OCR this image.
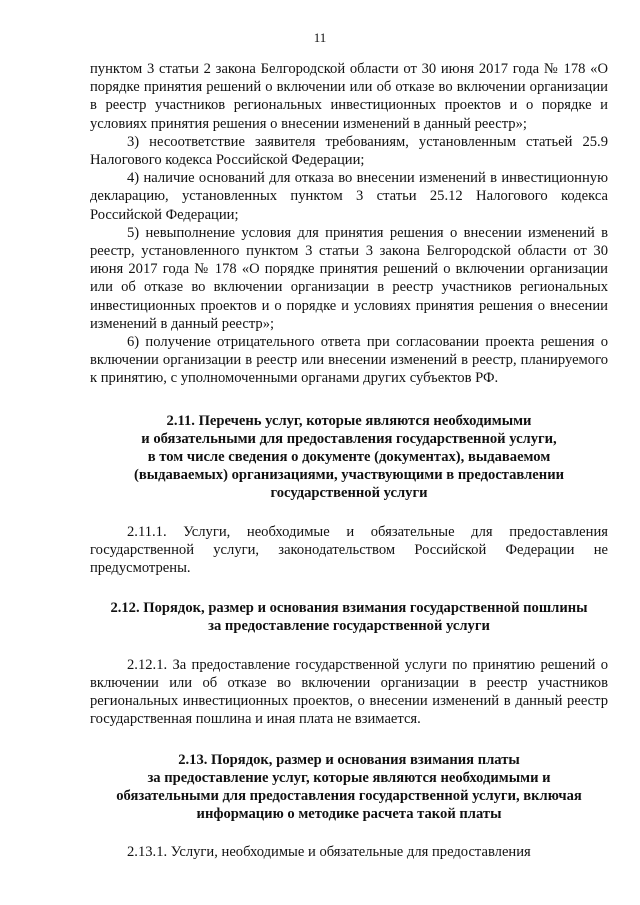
11

пунктом 3 статьи 2 закона Белгородской области от 30 июня 2017 года № 178 «О порядке принятия решений о включении или об отказе во включении организации в реестр участников региональных инвестиционных проектов и о порядке и условиях принятия решения о внесении изменений в данный реестр»;

3) несоответствие заявителя требованиям, установленным статьей 25.9 Налогового кодекса Российской Федерации;

4) наличие оснований для отказа во внесении изменений в инвестиционную декларацию, установленных пунктом 3 статьи 25.12 Налогового кодекса Российской Федерации;

5) невыполнение условия для принятия решения о внесении изменений в реестр, установленного пунктом 3 статьи 3 закона Белгородской области от 30 июня 2017 года № 178 «О порядке принятия решений о включении организации или об отказе во включении организации в реестр участников региональных инвестиционных проектов и о порядке и условиях принятия решения о внесении изменений в данный реестр»;

6) получение отрицательного ответа при согласовании проекта решения о включении организации в реестр или внесении изменений в реестр, планируемого к принятию, с уполномоченными органами других субъектов РФ.

2.11. Перечень услуг, которые являются необходимыми
и обязательными для предоставления государственной услуги,
в том числе сведения о документе (документах), выдаваемом
(выдаваемых) организациями, участвующими в предоставлении
государственной услуги

2.11.1. Услуги, необходимые и обязательные для предоставления государственной услуги, законодательством Российской Федерации не предусмотрены.

2.12. Порядок, размер и основания взимания государственной пошлины
за предоставление государственной услуги

2.12.1. За предоставление государственной услуги по принятию решений о включении или об отказе во включении организации в реестр участников региональных инвестиционных проектов, о внесении изменений в данный реестр государственная пошлина и иная плата не взимается.

2.13. Порядок, размер и основания взимания платы
за предоставление услуг, которые являются необходимыми и
обязательными для предоставления государственной услуги, включая
информацию о методике расчета такой платы

2.13.1. Услуги, необходимые и обязательные для предоставления
